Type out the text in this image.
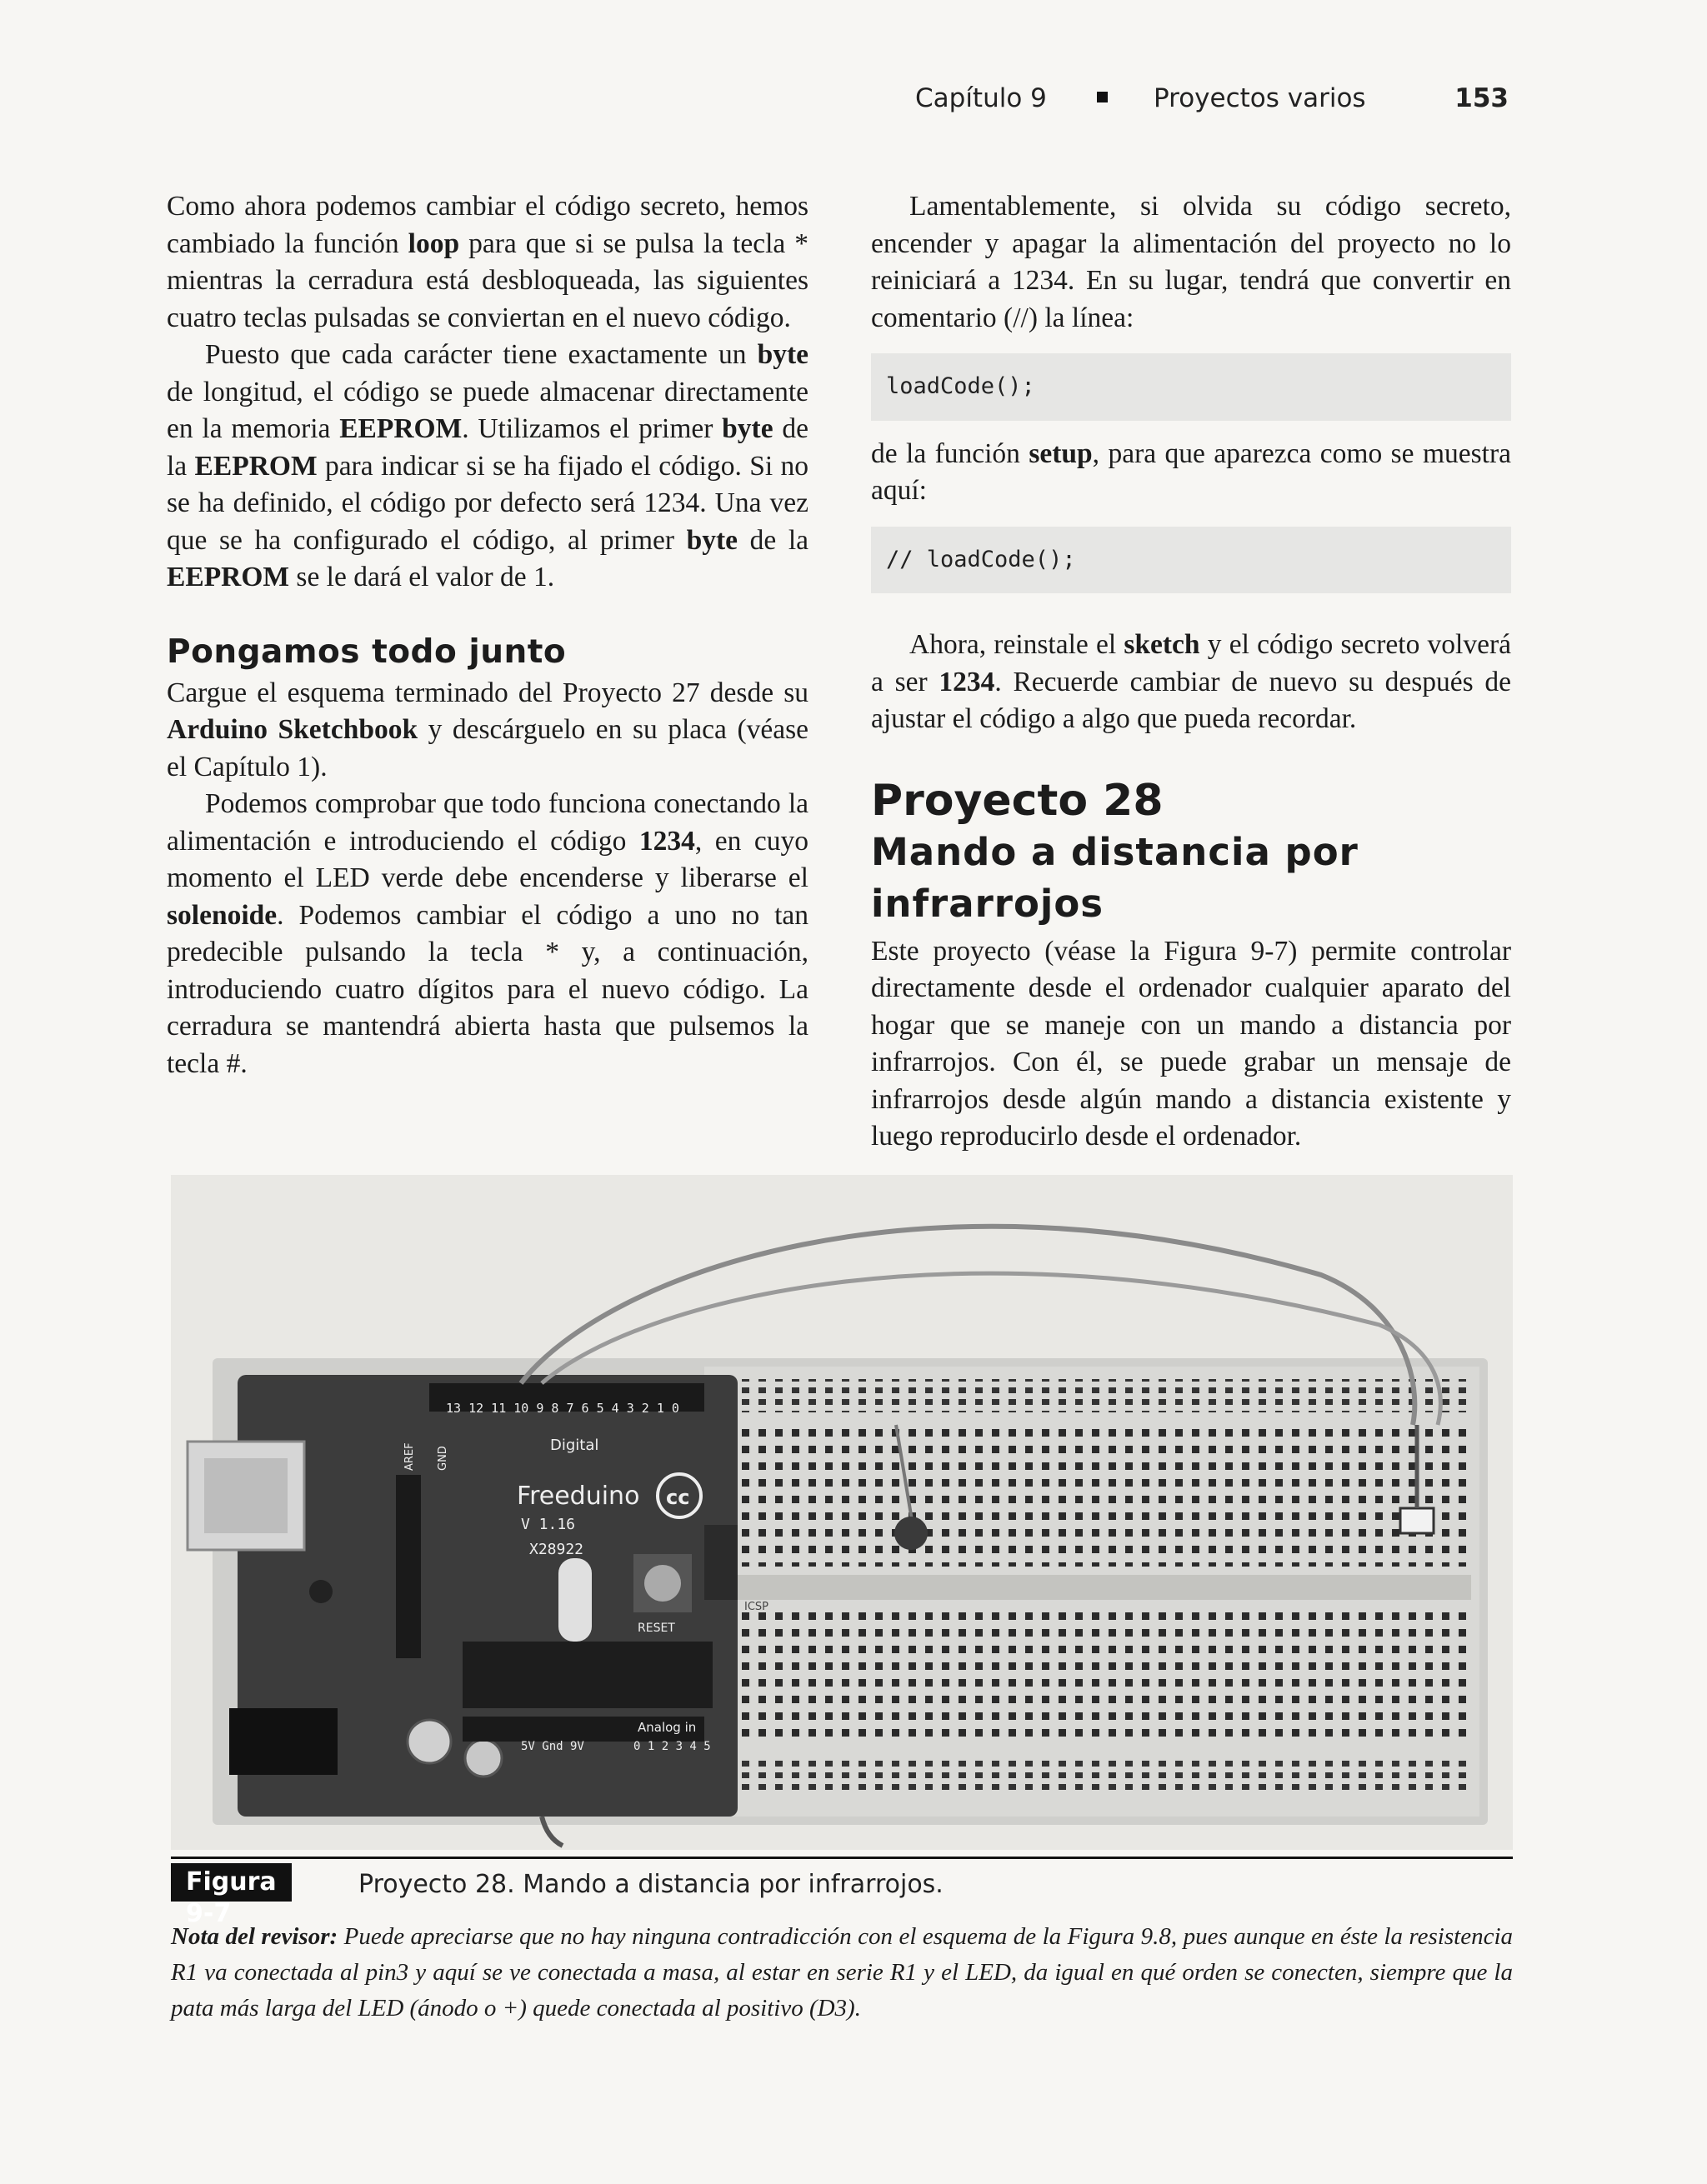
Capítulo 9	Proyectos varios	153

Como ahora podemos cambiar el código secreto, hemos cambiado la función loop para que si se pulsa la tecla * mientras la cerradura está desbloqueada, las siguientes cuatro teclas pulsadas se conviertan en el nuevo código.

Puesto que cada carácter tiene exactamente un byte de longitud, el código se puede almacenar directamente en la memoria EEPROM. Utilizamos el primer byte de la EEPROM para indicar si se ha fijado el código. Si no se ha definido, el código por defecto será 1234. Una vez que se ha configurado el código, al primer byte de la EEPROM se le dará el valor de 1.

Pongamos todo junto

Cargue el esquema terminado del Proyecto 27 desde su Arduino Sketchbook y descárguelo en su placa (véase el Capítulo 1).

Podemos comprobar que todo funciona conectando la alimentación e introduciendo el código 1234, en cuyo momento el LED verde debe encenderse y liberarse el solenoide. Podemos cambiar el código a uno no tan predecible pulsando la tecla * y, a continuación, introduciendo cuatro dígitos para el nuevo código. La cerradura se mantendrá abierta hasta que pulsemos la tecla #.

Lamentablemente, si olvida su código secreto, encender y apagar la alimentación del proyecto no lo reiniciará a 1234. En su lugar, tendrá que convertir en comentario (//) la línea:

loadCode();

de la función setup, para que aparezca como se muestra aquí:

// loadCode();

Ahora, reinstale el sketch y el código secreto volverá a ser 1234. Recuerde cambiar de nuevo su después de ajustar el código a algo que pueda recordar.

Proyecto 28
Mando a distancia por infrarrojos

Este proyecto (véase la Figura 9-7) permite controlar directamente desde el ordenador cualquier aparato del hogar que se maneje con un mando a distancia por infrarrojos. Con él, se puede grabar un mensaje de infrarrojos desde algún mando a distancia existente y luego reproducirlo desde el ordenador.

13 12 11 10 9 8 7 6 5 4 3 2 1 0
Digital
Freeduino
V 1.16
X28922
cc
RESET
ICSP
Analog in
5V Gnd 9V	0 1 2 3 4 5
AREF GND
Figura 9-7
Proyecto 28. Mando a distancia por infrarrojos.
Nota del revisor: Puede apreciarse que no hay ninguna contradicción con el esquema de la Figura 9.8, pues aunque en éste la resistencia R1 va conectada al pin3 y aquí se ve conectada a masa, al estar en serie R1 y el LED, da igual en qué orden se conecten, siempre que la pata más larga del LED (ánodo o +) quede conectada al positivo (D3).
